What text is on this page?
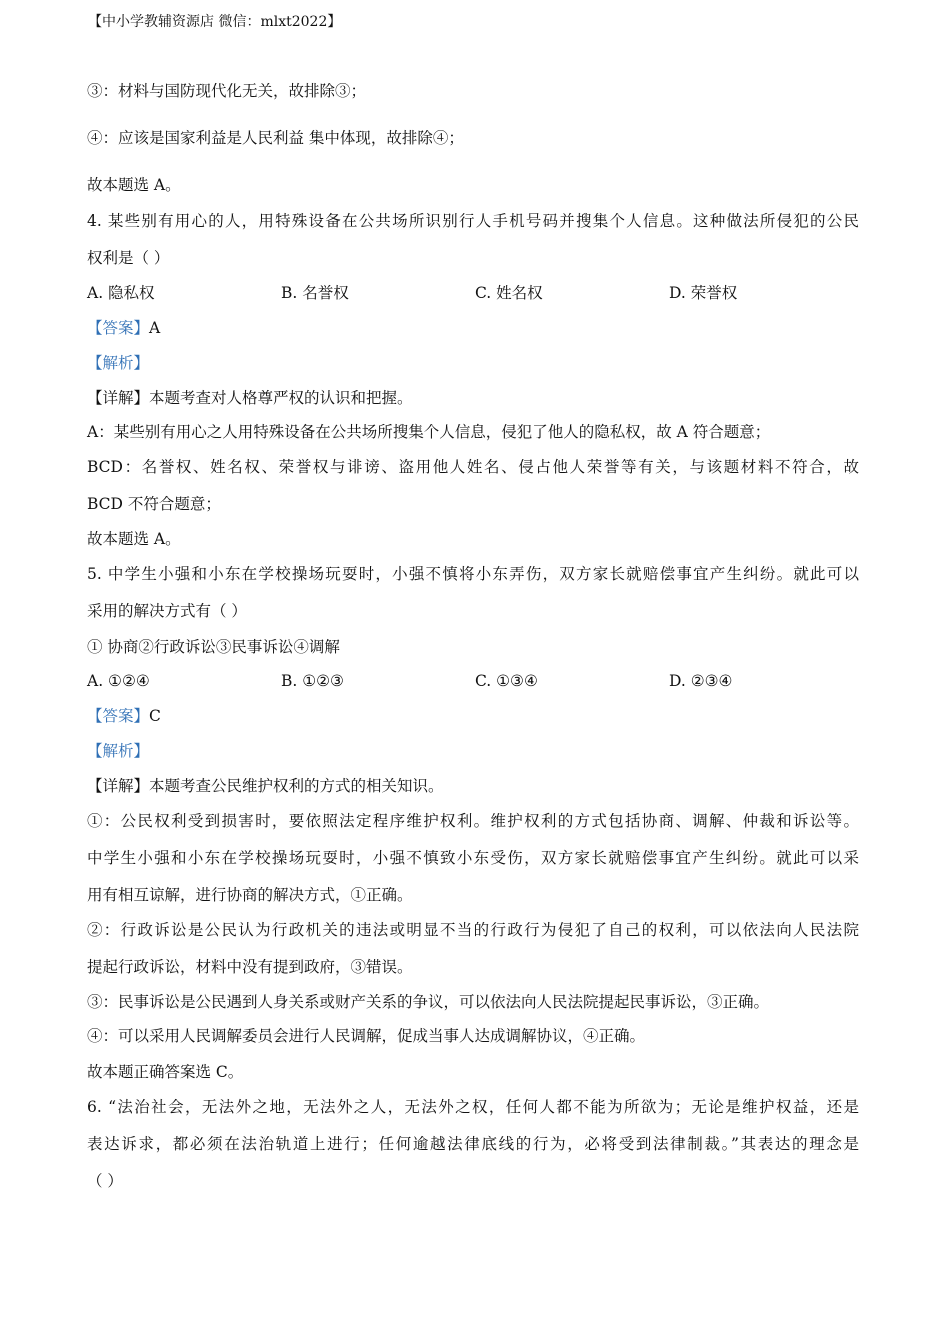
【中小学教辅资源店 微信：mlxt2022】
③：材料与国防现代化无关，故排除③；
④：应该是国家利益是人民利益 集中体现，故排除④；
故本题选 A。
4. 某些别有用心的人，用特殊设备在公共场所识别行人手机号码并搜集个人信息。这种做法所侵犯的公民
权利是（ ）
A. 隐私权	B. 名誉权	C. 姓名权	D. 荣誉权
【答案】A
【解析】
【详解】本题考查对人格尊严权的认识和把握。
A：某些别有用心之人用特殊设备在公共场所搜集个人信息，侵犯了他人的隐私权，故 A 符合题意；
BCD：名誉权、姓名权、荣誉权与诽谤、盗用他人姓名、侵占他人荣誉等有关，与该题材料不符合，故
BCD 不符合题意；
故本题选 A。
5. 中学生小强和小东在学校操场玩耍时，小强不慎将小东弄伤，双方家长就赔偿事宜产生纠纷。就此可以
采用的解决方式有（ ）
① 协商②行政诉讼③民事诉讼④调解
A. ①②④	B. ①②③	C. ①③④	D. ②③④
【答案】C
【解析】
【详解】本题考查公民维护权利的方式的相关知识。
①：公民权利受到损害时，要依照法定程序维护权利。维护权利的方式包括协商、调解、仲裁和诉讼等。
中学生小强和小东在学校操场玩耍时，小强不慎致小东受伤，双方家长就赔偿事宜产生纠纷。就此可以采
用有相互谅解，进行协商的解决方式，①正确。
②：行政诉讼是公民认为行政机关的违法或明显不当的行政行为侵犯了自己的权利，可以依法向人民法院
提起行政诉讼，材料中没有提到政府，③错误。
③：民事诉讼是公民遇到人身关系或财产关系的争议，可以依法向人民法院提起民事诉讼，③正确。
④：可以采用人民调解委员会进行人民调解，促成当事人达成调解协议，④正确。
故本题正确答案选 C。
6. “法治社会，无法外之地，无法外之人，无法外之权，任何人都不能为所欲为；无论是维护权益，还是
表达诉求，都必须在法治轨道上进行；任何逾越法律底线的行为，必将受到法律制裁。”其表达的理念是
（ ）
